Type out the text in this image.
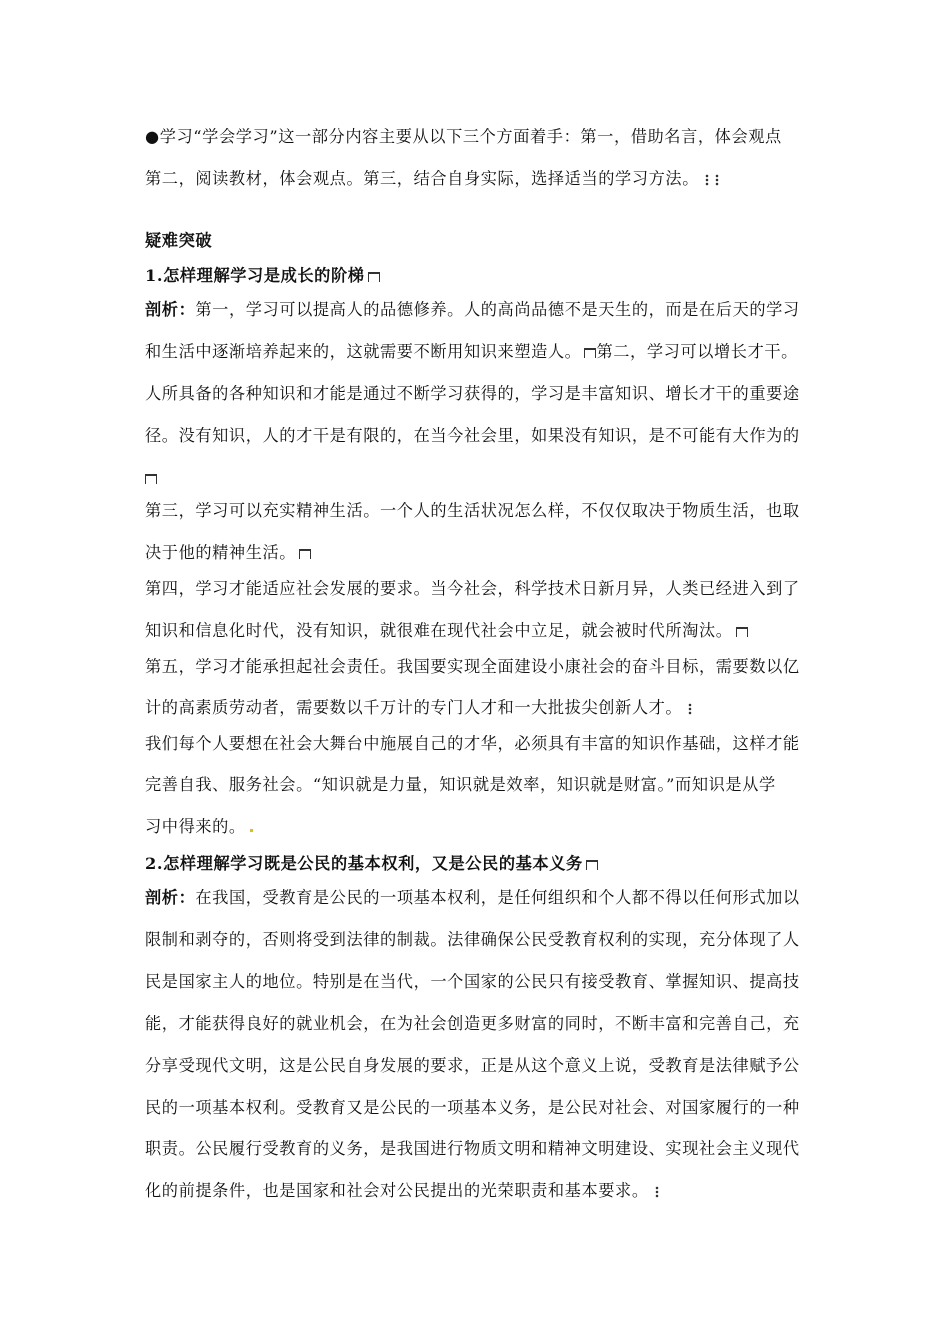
●学习“学会学习”这一部分内容主要从以下三个方面着手：第一，借助名言，体会观点
第二，阅读教材，体会观点。第三，结合自身实际，选择适当的学习方法。
疑难突破
1.怎样理解学习是成长的阶梯
剖析：第一，学习可以提高人的品德修养。人的高尚品德不是天生的，而是在后天的学习
和生活中逐渐培养起来的，这就需要不断用知识来塑造人。 第二，学习可以增长才干。
人所具备的各种知识和才能是通过不断学习获得的，学习是丰富知识、增长才干的重要途
径。没有知识，人的才干是有限的，在当今社会里，如果没有知识，是不可能有大作为的
第三，学习可以充实精神生活。一个人的生活状况怎么样，不仅仅取决于物质生活，也取
决于他的精神生活。
第四，学习才能适应社会发展的要求。当今社会，科学技术日新月异，人类已经进入到了
知识和信息化时代，没有知识，就很难在现代社会中立足，就会被时代所淘汰。
第五，学习才能承担起社会责任。我国要实现全面建设小康社会的奋斗目标，需要数以亿
计的高素质劳动者，需要数以千万计的专门人才和一大批拔尖创新人才。
我们每个人要想在社会大舞台中施展自己的才华，必须具有丰富的知识作基础，这样才能
完善自我、服务社会。“知识就是力量，知识就是效率，知识就是财富。”而知识是从学
习中得来的。
2.怎样理解学习既是公民的基本权利，又是公民的基本义务
剖析：在我国，受教育是公民的一项基本权利，是任何组织和个人都不得以任何形式加以
限制和剥夺的，否则将受到法律的制裁。法律确保公民受教育权利的实现，充分体现了人
民是国家主人的地位。特别是在当代，一个国家的公民只有接受教育、掌握知识、提高技
能，才能获得良好的就业机会，在为社会创造更多财富的同时，不断丰富和完善自己，充
分享受现代文明，这是公民自身发展的要求，正是从这个意义上说，受教育是法律赋予公
民的一项基本权利。受教育又是公民的一项基本义务，是公民对社会、对国家履行的一种
职责。公民履行受教育的义务，是我国进行物质文明和精神文明建设、实现社会主义现代
化的前提条件，也是国家和社会对公民提出的光荣职责和基本要求。
